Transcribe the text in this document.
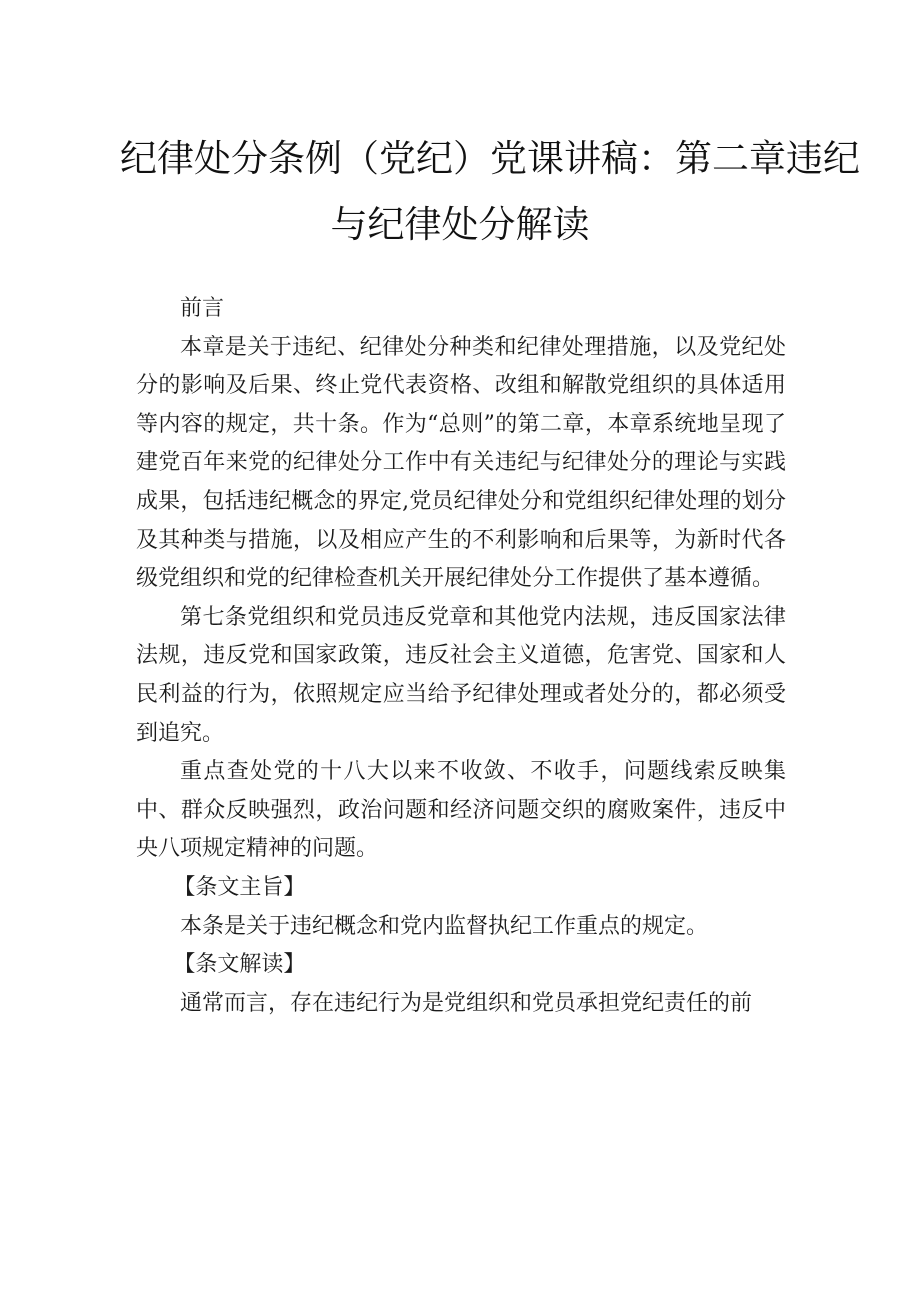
纪律处分条例（党纪）党课讲稿：第二章违纪
与纪律处分解读

前言

本章是关于违纪、纪律处分种类和纪律处理措施，以及党纪处分的影响及后果、终止党代表资格、改组和解散党组织的具体适用等内容的规定，共十条。作为“总则”的第二章，本章系统地呈现了建党百年来党的纪律处分工作中有关违纪与纪律处分的理论与实践成果，包括违纪概念的界定,党员纪律处分和党组织纪律处理的划分及其种类与措施，以及相应产生的不利影响和后果等，为新时代各级党组织和党的纪律检查机关开展纪律处分工作提供了基本遵循。

第七条党组织和党员违反党章和其他党内法规，违反国家法律法规，违反党和国家政策，违反社会主义道德，危害党、国家和人民利益的行为，依照规定应当给予纪律处理或者处分的，都必须受到追究。

重点查处党的十八大以来不收敛、不收手，问题线索反映集中、群众反映强烈，政治问题和经济问题交织的腐败案件，违反中央八项规定精神的问题。

【条文主旨】

本条是关于违纪概念和党内监督执纪工作重点的规定。

【条文解读】

通常而言，存在违纪行为是党组织和党员承担党纪责任的前
